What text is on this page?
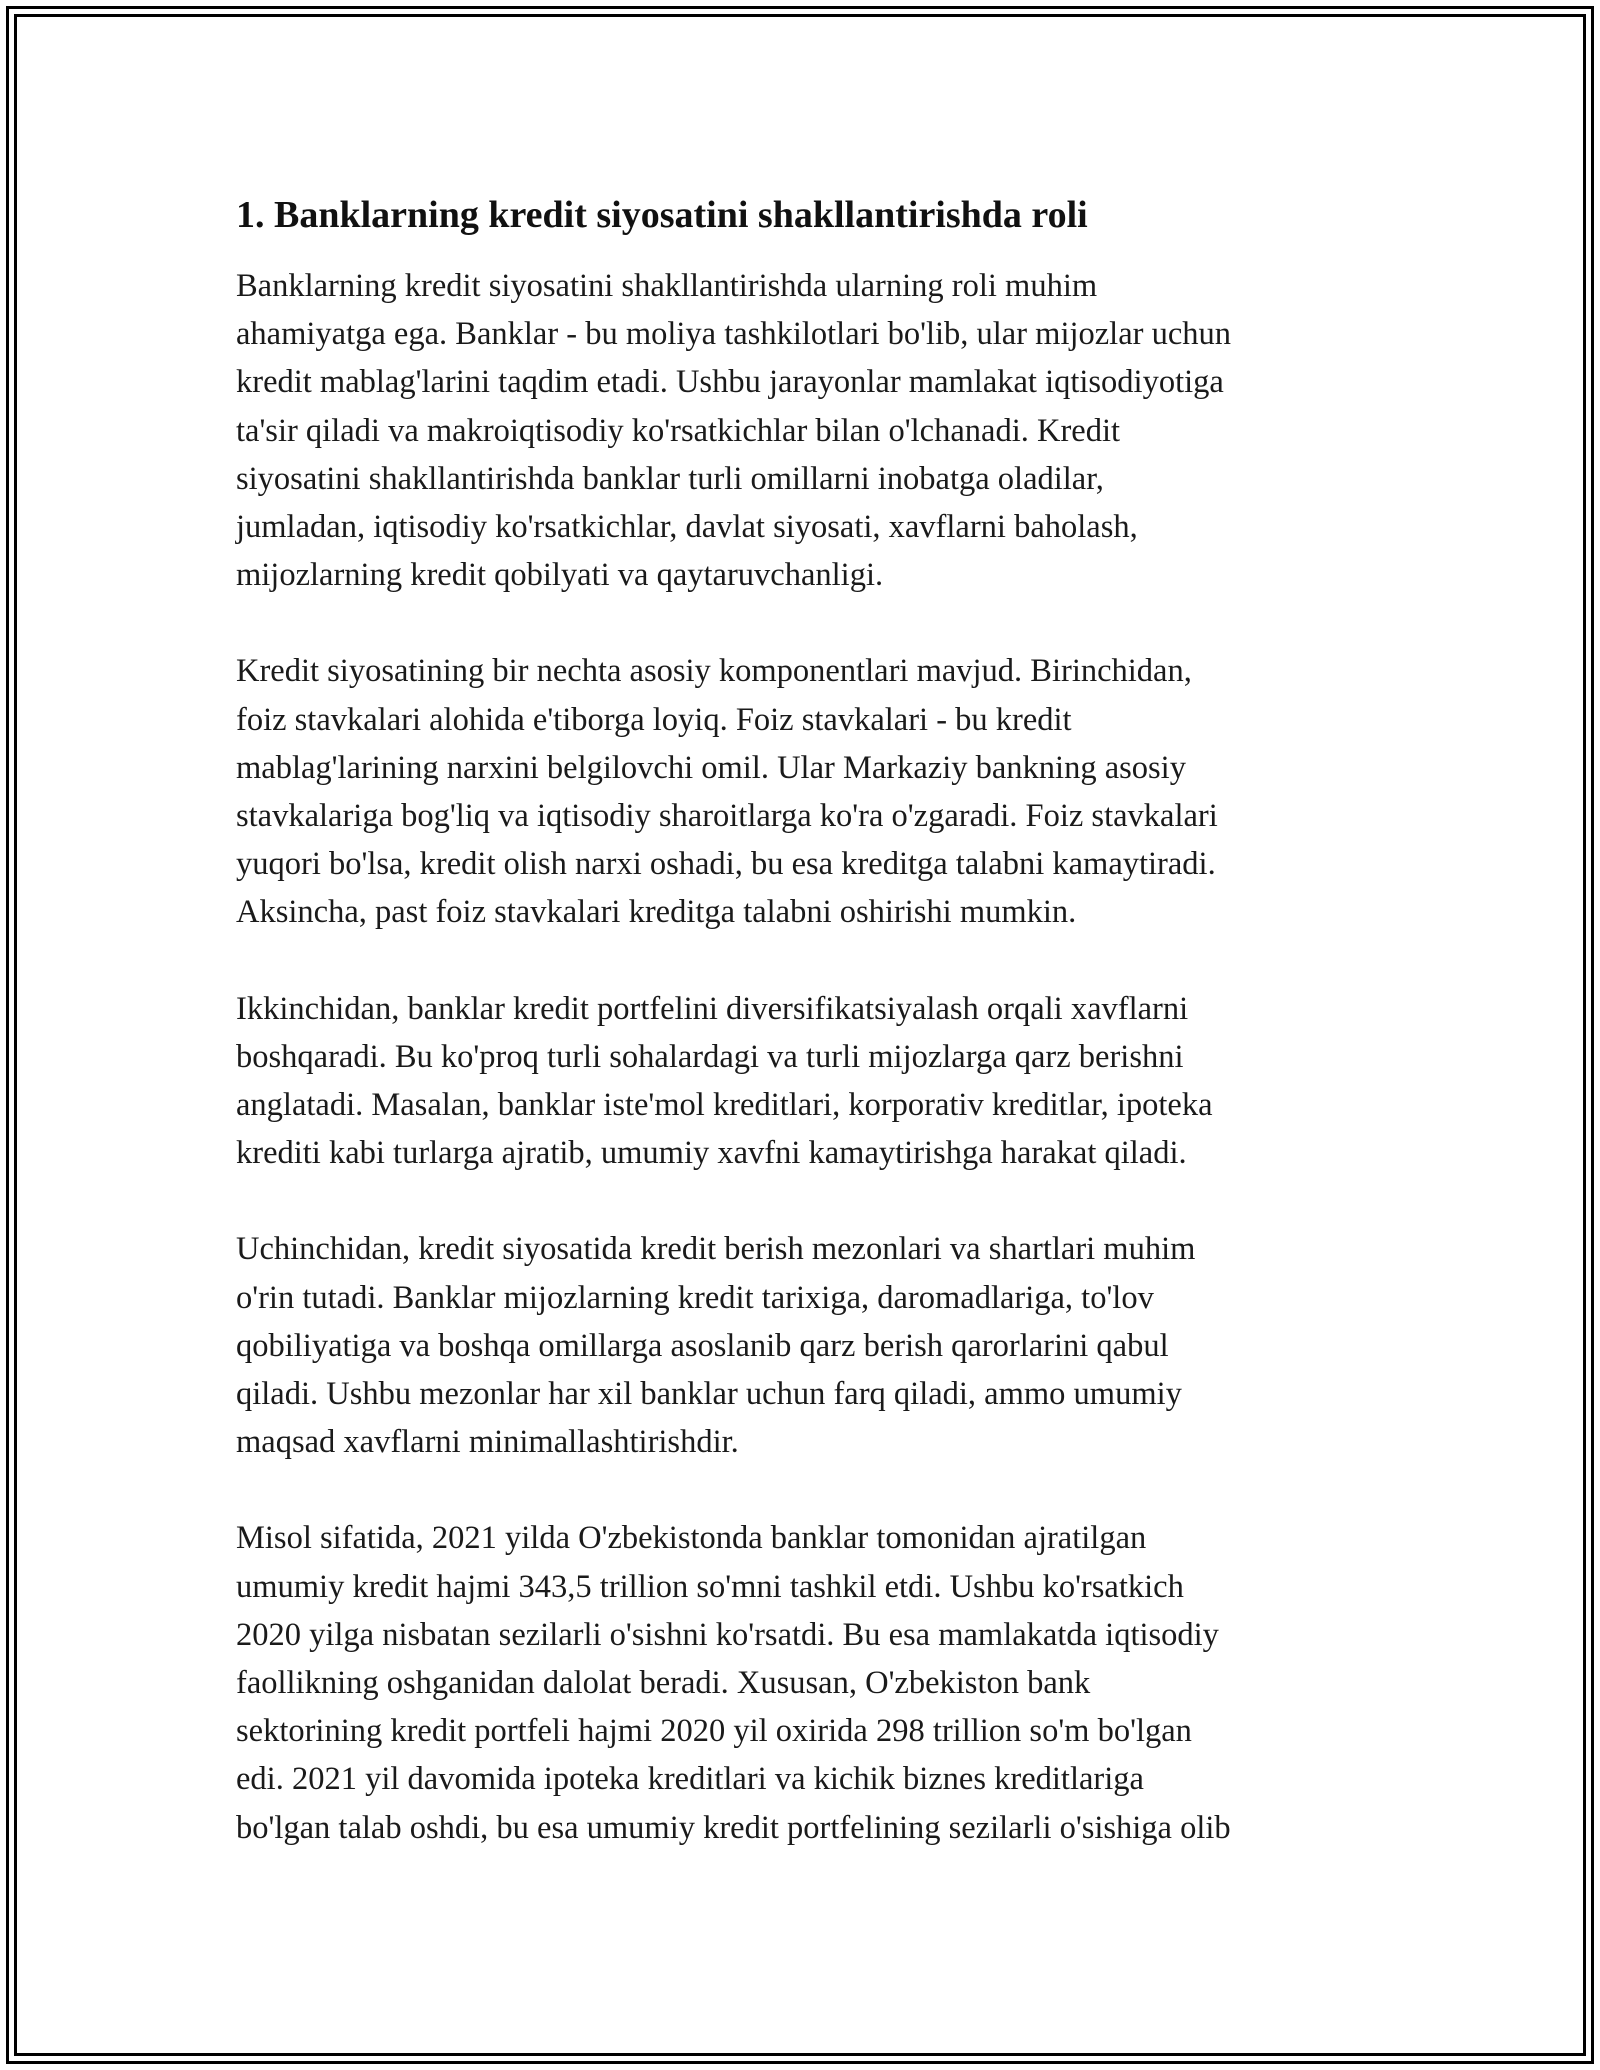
1. Banklarning kredit siyosatini shakllantirishda roli

Banklarning kredit siyosatini shakllantirishda ularning roli muhim
ahamiyatga ega. Banklar - bu moliya tashkilotlari bo'lib, ular mijozlar uchun
kredit mablag'larini taqdim etadi. Ushbu jarayonlar mamlakat iqtisodiyotiga
ta'sir qiladi va makroiqtisodiy ko'rsatkichlar bilan o'lchanadi. Kredit
siyosatini shakllantirishda banklar turli omillarni inobatga oladilar,
jumladan, iqtisodiy ko'rsatkichlar, davlat siyosati, xavflarni baholash,
mijozlarning kredit qobilyati va qaytaruvchanligi.

Kredit siyosatining bir nechta asosiy komponentlari mavjud. Birinchidan,
foiz stavkalari alohida e'tiborga loyiq. Foiz stavkalari - bu kredit
mablag'larining narxini belgilovchi omil. Ular Markaziy bankning asosiy
stavkalariga bog'liq va iqtisodiy sharoitlarga ko'ra o'zgaradi. Foiz stavkalari
yuqori bo'lsa, kredit olish narxi oshadi, bu esa kreditga talabni kamaytiradi.
Aksincha, past foiz stavkalari kreditga talabni oshirishi mumkin.

Ikkinchidan, banklar kredit portfelini diversifikatsiyalash orqali xavflarni
boshqaradi. Bu ko'proq turli sohalardagi va turli mijozlarga qarz berishni
anglatadi. Masalan, banklar iste'mol kreditlari, korporativ kreditlar, ipoteka
krediti kabi turlarga ajratib, umumiy xavfni kamaytirishga harakat qiladi.

Uchinchidan, kredit siyosatida kredit berish mezonlari va shartlari muhim
o'rin tutadi. Banklar mijozlarning kredit tarixiga, daromadlariga, to'lov
qobiliyatiga va boshqa omillarga asoslanib qarz berish qarorlarini qabul
qiladi. Ushbu mezonlar har xil banklar uchun farq qiladi, ammo umumiy
maqsad xavflarni minimallashtirishdir.

Misol sifatida, 2021 yilda O'zbekistonda banklar tomonidan ajratilgan
umumiy kredit hajmi 343,5 trillion so'mni tashkil etdi. Ushbu ko'rsatkich
2020 yilga nisbatan sezilarli o'sishni ko'rsatdi. Bu esa mamlakatda iqtisodiy
faollikning oshganidan dalolat beradi. Xususan, O'zbekiston bank
sektorining kredit portfeli hajmi 2020 yil oxirida 298 trillion so'm bo'lgan
edi. 2021 yil davomida ipoteka kreditlari va kichik biznes kreditlariga
bo'lgan talab oshdi, bu esa umumiy kredit portfelining sezilarli o'sishiga olib
